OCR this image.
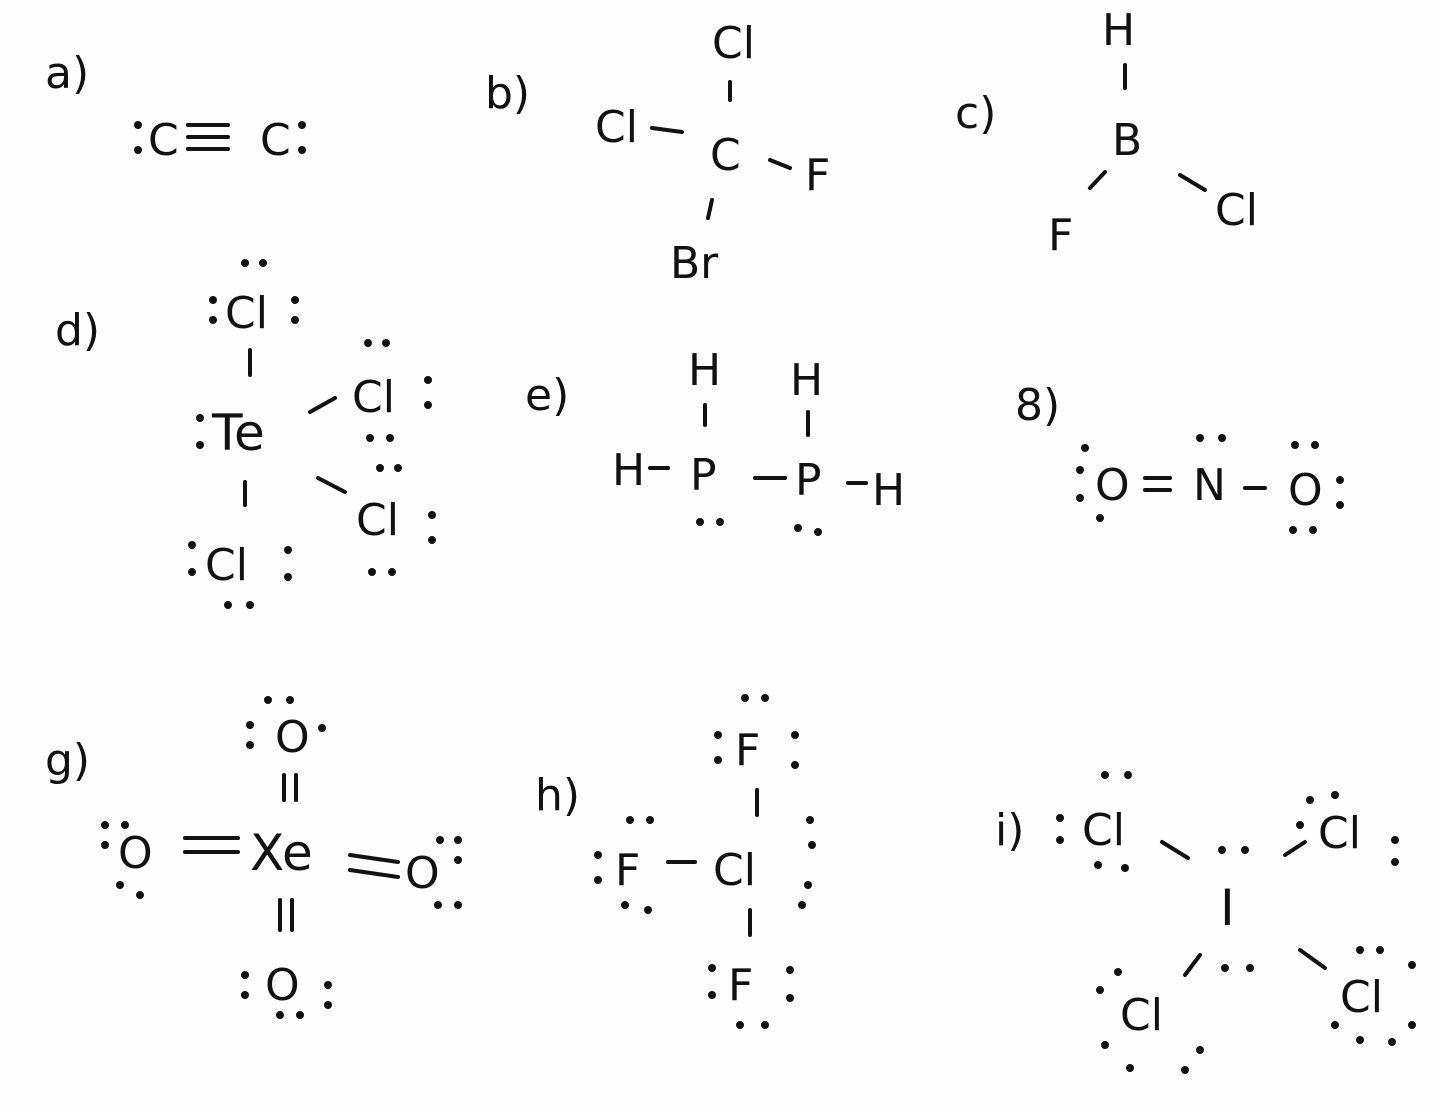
a)	b)	c)
d)
e)	8)
g)
h)
i)
C C
Cl
Cl
C F
Br
H
B
F	Cl
Cl
Te
Cl
Cl
Cl
H H
H P P H	O N O
O
O Xe O
O
F
F Cl
F
Cl	Cl
I
Cl	Cl
